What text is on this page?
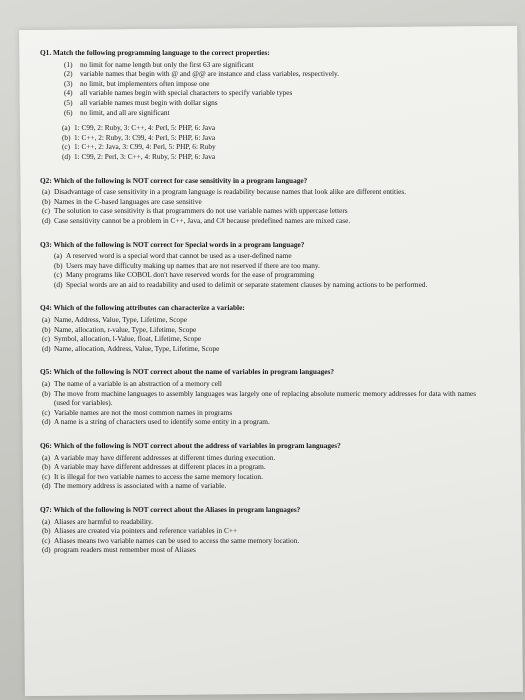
Q1. Match the following programming language to the correct properties:
(1)	no limit for name length but only the first 63 are significant
(2)	variable names that begin with @ and @@ are instance and class variables, respectively.
(3)	no limit, but implementers often impose one
(4)	all variable names begin with special characters to specify variable types
(5)	all variable names must begin with dollar signs
(6)	no limit, and all are significant
(a) 1: C99, 2: Ruby, 3: C++, 4: Perl, 5: PHP, 6: Java
(b) 1: C++, 2: Ruby, 3: C99, 4: Perl, 5: PHP, 6: Java
(c) 1: C++, 2: Java, 3: C99, 4: Perl, 5: PHP, 6: Ruby
(d) 1: C99, 2: Perl, 3: C++, 4: Ruby, 5: PHP, 6: Java
Q2: Which of the following is NOT correct for case sensitivity in a program language?
(a) Disadvantage of case sensitivity in a program language is readability because names that look alike are different entities.
(b) Names in the C-based languages are case sensitive
(c) The solution to case sensitivity is that programmers do not use variable names with uppercase letters
(d) Case sensitivity cannot be a problem in C++, Java, and C# because predefined names are mixed case.
Q3: Which of the following is NOT correct for Special words in a program language?
(a) A reserved word is a special word that cannot be used as a user-defined name
(b) Users may have difficulty making up names that are not reserved if there are too many.
(c) Many programs like COBOL don't have reserved words for the ease of programming
(d) Special words are an aid to readability and used to delimit or separate statement clauses by naming actions to be performed.
Q4: Which of the following attributes can characterize a variable:
(a) Name, Address, Value, Type, Lifetime, Scope
(b) Name, allocation, r-value, Type, Lifetime, Scope
(c) Symbol, allocation, l-Value, float, Lifetime, Scope
(d) Name, allocation, Address, Value, Type, Lifetime, Scope
Q5: Which of the following is NOT correct about the name of variables in program languages?
(a) The name of a variable is an abstraction of a memory cell
(b) The move from machine languages to assembly languages was largely one of replacing absolute numeric memory addresses for data with names (used for variables).
(c) Variable names are not the most common names in programs
(d) A name is a string of characters used to identify some entity in a program.
Q6: Which of the following is NOT correct about the address of variables in program languages?
(a) A variable may have different addresses at different times during execution.
(b) A variable may have different addresses at different places in a program.
(c) It is illegal for two variable names to access the same memory location.
(d) The memory address is associated with a name of variable.
Q7: Which of the following is NOT correct about the Aliases in program languages?
(a) Aliases are harmful to readability.
(b) Aliases are created via pointers and reference variables in C++
(c) Aliases means two variable names can be used to access the same memory location.
(d) program readers must remember most of Aliases
